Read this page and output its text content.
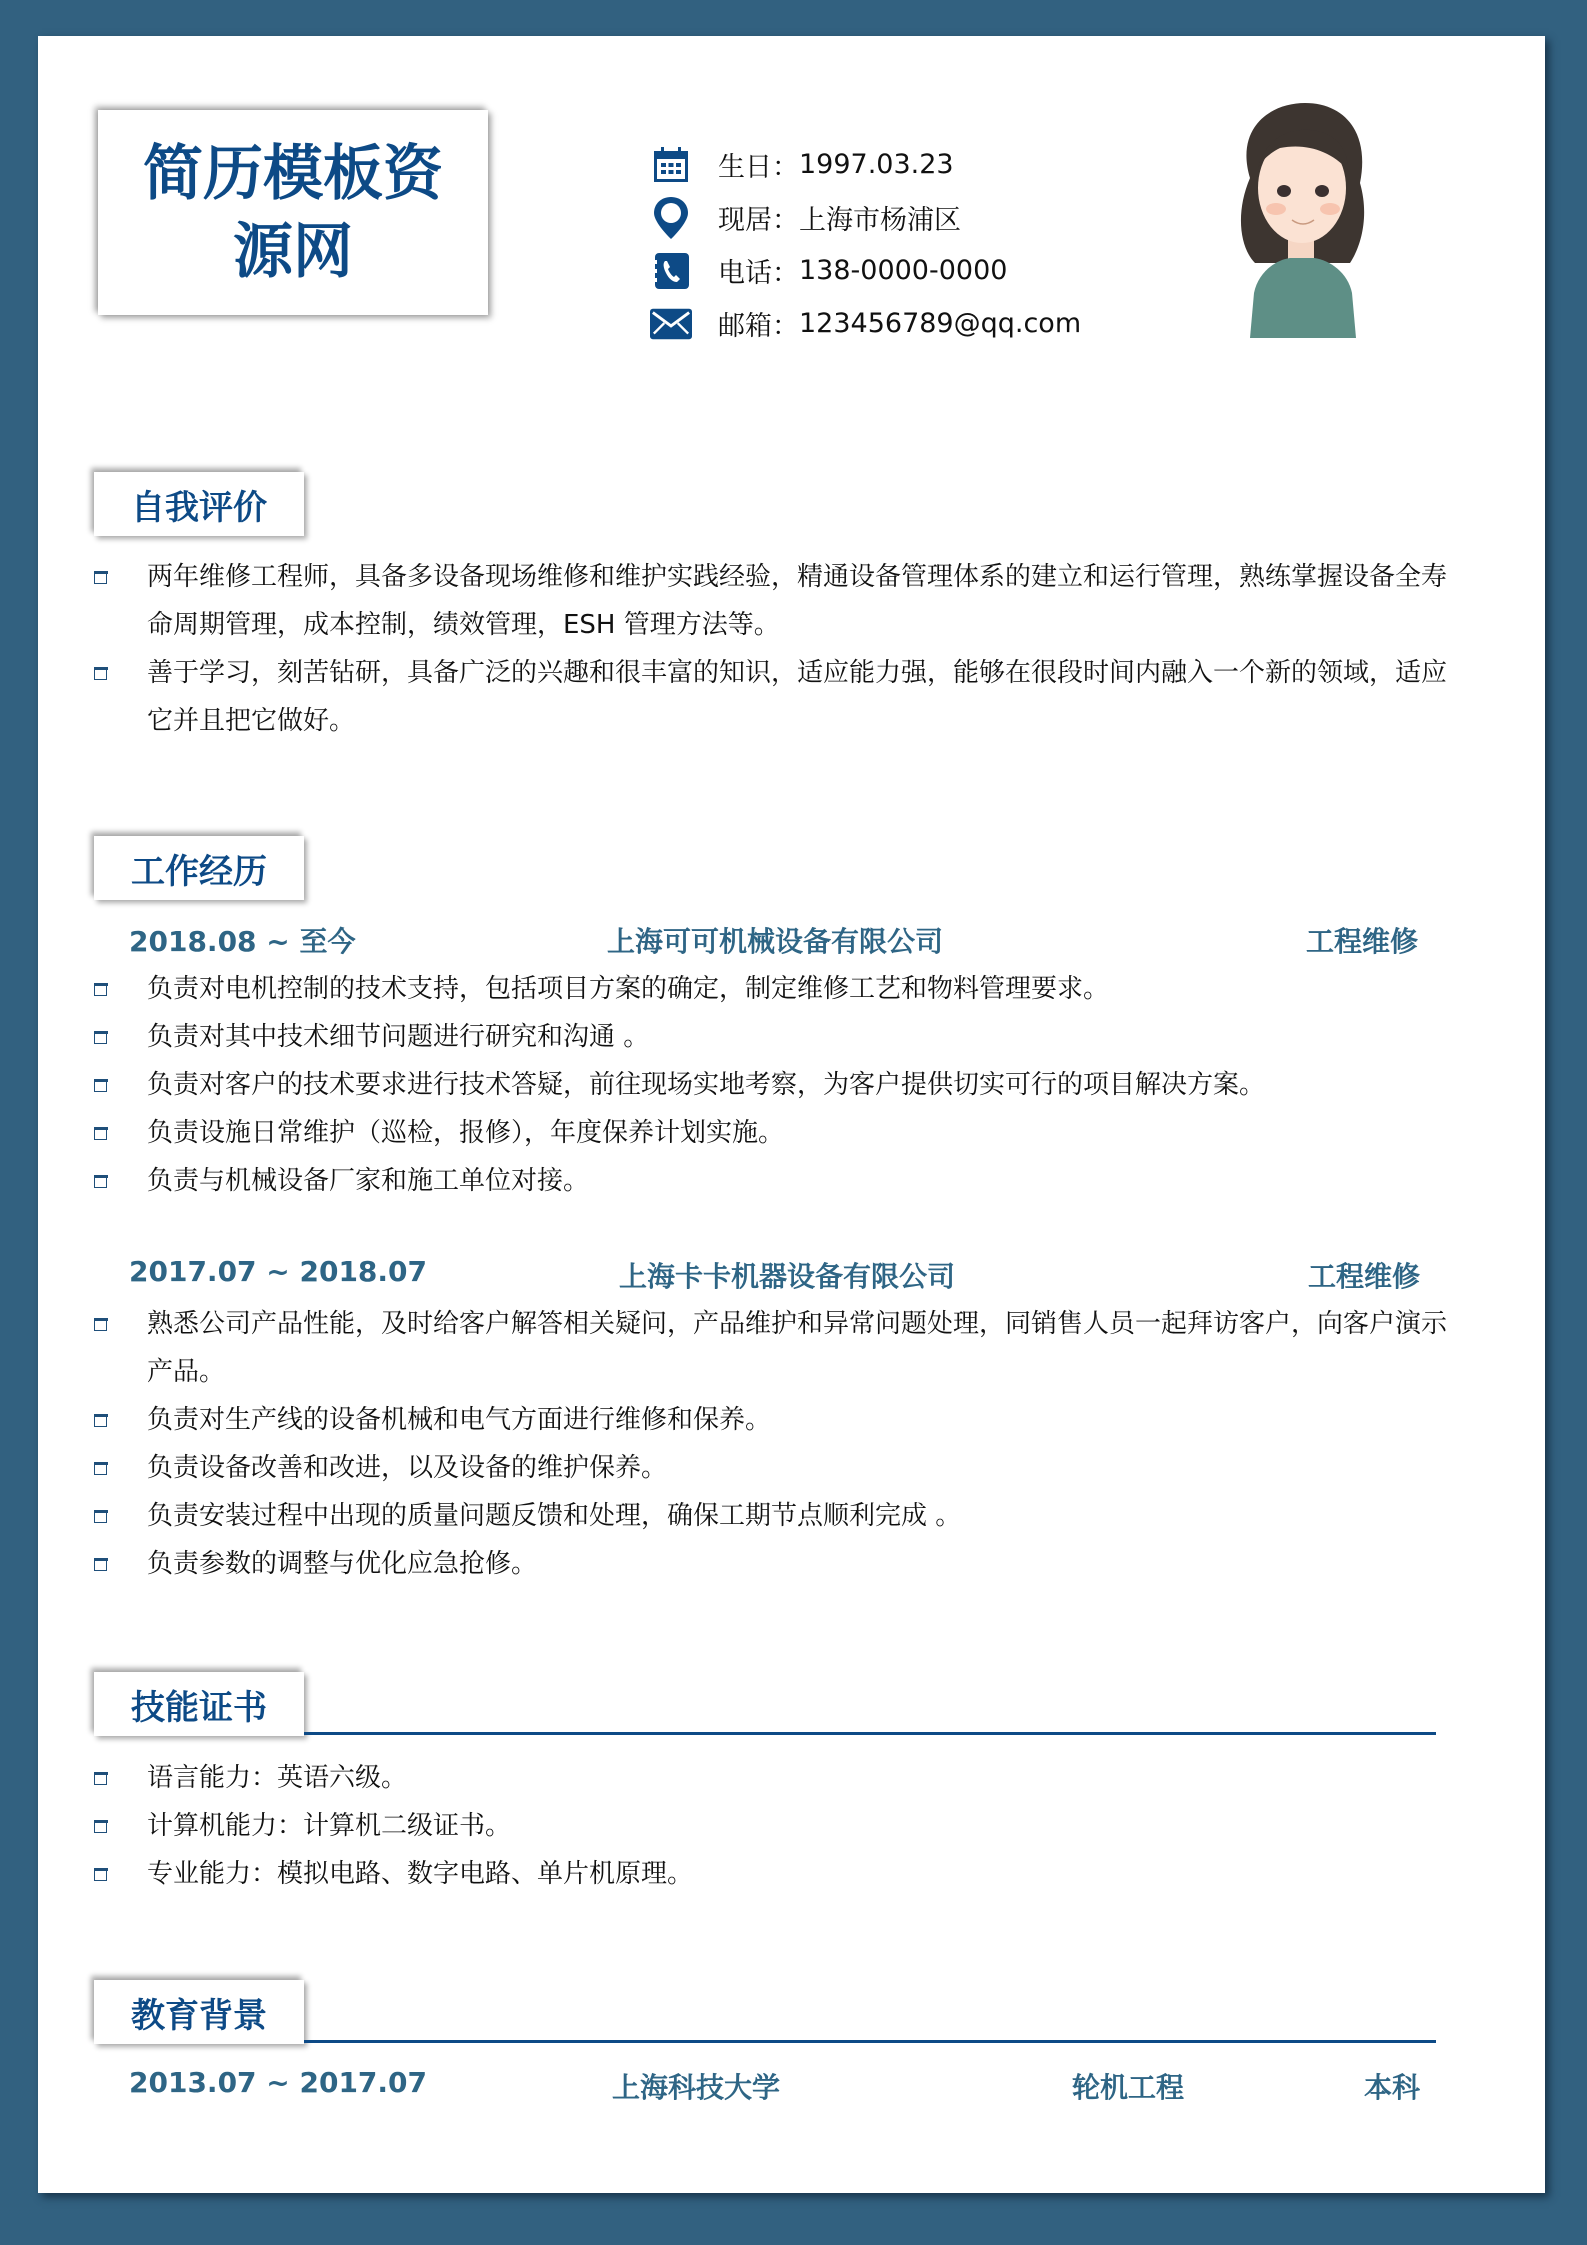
简历模板资源网
生日： 1997.03.23
现居： 上海市杨浦区
电话： 138-0000-0000
邮箱： 123456789@qq.com
自我评价
两年维修工程师，具备多设备现场维修和维护实践经验，精通设备管理体系的建立和运行管理，熟练掌握设备全寿命周期管理，成本控制，绩效管理，ESH 管理方法等。
善于学习，刻苦钻研，具备广泛的兴趣和很丰富的知识，适应能力强，能够在很段时间内融入一个新的领域，适应它并且把它做好。
工作经历
2018.08 ~ 至今	上海可可机械设备有限公司	工程维修
负责对电机控制的技术支持，包括项目方案的确定，制定维修工艺和物料管理要求。
负责对其中技术细节问题进行研究和沟通 。
负责对客户的技术要求进行技术答疑，前往现场实地考察，为客户提供切实可行的项目解决方案。
负责设施日常维护（巡检，报修），年度保养计划实施。
负责与机械设备厂家和施工单位对接。
2017.07 ~ 2018.07	上海卡卡机器设备有限公司	工程维修
熟悉公司产品性能，及时给客户解答相关疑问，产品维护和异常问题处理，同销售人员一起拜访客户，向客户演示产品。
负责对生产线的设备机械和电气方面进行维修和保养。
负责设备改善和改进，以及设备的维护保养。
负责安装过程中出现的质量问题反馈和处理，确保工期节点顺利完成 。
负责参数的调整与优化应急抢修。
技能证书
语言能力：英语六级。
计算机能力：计算机二级证书。
专业能力：模拟电路、数字电路、单片机原理。
教育背景
2013.07 ~ 2017.07	上海科技大学	轮机工程	本科
